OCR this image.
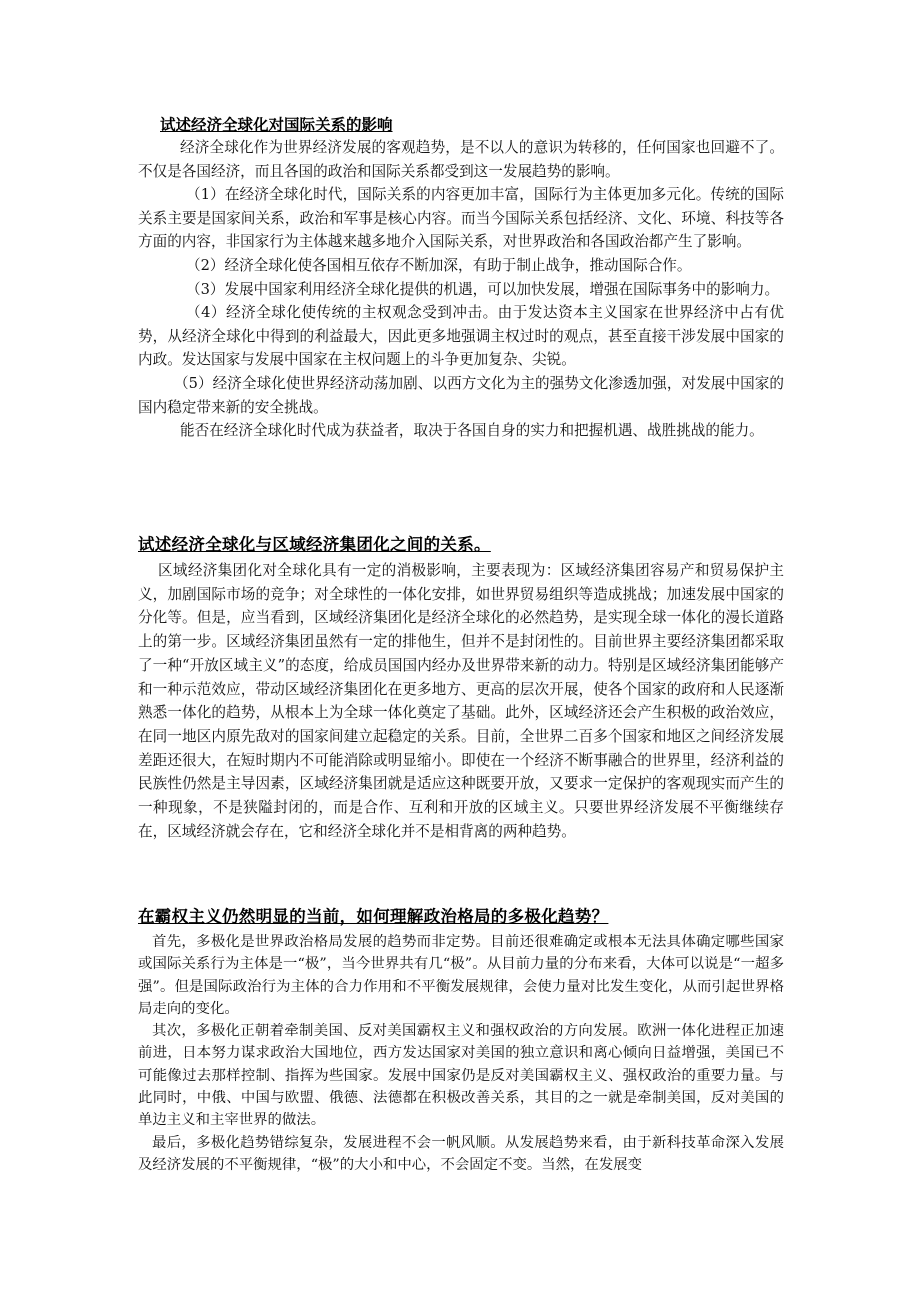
试述经济全球化对国际关系的影响

经济全球化作为世界经济发展的客观趋势，是不以人的意识为转移的，任何国家也回避不了。不仅是各国经济，而且各国的政治和国际关系都受到这一发展趋势的影响。

（1）在经济全球化时代，国际关系的内容更加丰富，国际行为主体更加多元化。传统的国际关系主要是国家间关系，政治和军事是核心内容。而当今国际关系包括经济、文化、环境、科技等各方面的内容，非国家行为主体越来越多地介入国际关系，对世界政治和各国政治都产生了影响。

（2）经济全球化使各国相互依存不断加深，有助于制止战争，推动国际合作。

（3）发展中国家利用经济全球化提供的机遇，可以加快发展，增强在国际事务中的影响力。

（4）经济全球化使传统的主权观念受到冲击。由于发达资本主义国家在世界经济中占有优势，从经济全球化中得到的利益最大，因此更多地强调主权过时的观点，甚至直接干涉发展中国家的内政。发达国家与发展中国家在主权问题上的斗争更加复杂、尖锐。

（5）经济全球化使世界经济动荡加剧、以西方文化为主的强势文化渗透加强，对发展中国家的国内稳定带来新的安全挑战。

能否在经济全球化时代成为获益者，取决于各国自身的实力和把握机遇、战胜挑战的能力。

试述经济全球化与区域经济集团化之间的关系。

区域经济集团化对全球化具有一定的消极影响，主要表现为：区域经济集团容易产和贸易保护主义，加剧国际市场的竞争；对全球性的一体化安排，如世界贸易组织等造成挑战；加速发展中国家的分化等。但是，应当看到，区域经济集团化是经济全球化的必然趋势，是实现全球一体化的漫长道路上的第一步。区域经济集团虽然有一定的排他生，但并不是封闭性的。目前世界主要经济集团都采取了一种“开放区域主义”的态度，给成员国国内经办及世界带来新的动力。特别是区域经济集团能够产和一种示范效应，带动区域经济集团化在更多地方、更高的层次开展，使各个国家的政府和人民逐渐熟悉一体化的趋势，从根本上为全球一体化奠定了基础。此外，区域经济还会产生积极的政治效应，在同一地区内原先敌对的国家间建立起稳定的关系。目前，全世界二百多个国家和地区之间经济发展差距还很大，在短时期内不可能消除或明显缩小。即使在一个经济不断事融合的世界里，经济利益的民族性仍然是主导因素，区域经济集团就是适应这种既要开放，又要求一定保护的客观现实而产生的一种现象，不是狭隘封闭的，而是合作、互利和开放的区域主义。只要世界经济发展不平衡继续存在，区域经济就会存在，它和经济全球化并不是相背离的两种趋势。

在霸权主义仍然明显的当前，如何理解政治格局的多极化趋势？

首先，多极化是世界政治格局发展的趋势而非定势。目前还很难确定或根本无法具体确定哪些国家或国际关系行为主体是一“极”，当今世界共有几“极”。从目前力量的分布来看，大体可以说是“一超多强”。但是国际政治行为主体的合力作用和不平衡发展规律，会使力量对比发生变化，从而引起世界格局走向的变化。

其次，多极化正朝着牵制美国、反对美国霸权主义和强权政治的方向发展。欧洲一体化进程正加速前进，日本努力谋求政治大国地位，西方发达国家对美国的独立意识和离心倾向日益增强，美国已不可能像过去那样控制、指挥为些国家。发展中国家仍是反对美国霸权主义、强权政治的重要力量。与此同时，中俄、中国与欧盟、俄德、法德都在积极改善关系，其目的之一就是牵制美国，反对美国的单边主义和主宰世界的做法。

最后，多极化趋势错综复杂，发展进程不会一帆风顺。从发展趋势来看，由于新科技革命深入发展及经济发展的不平衡规律，“极”的大小和中心，不会固定不变。当然，在发展变
